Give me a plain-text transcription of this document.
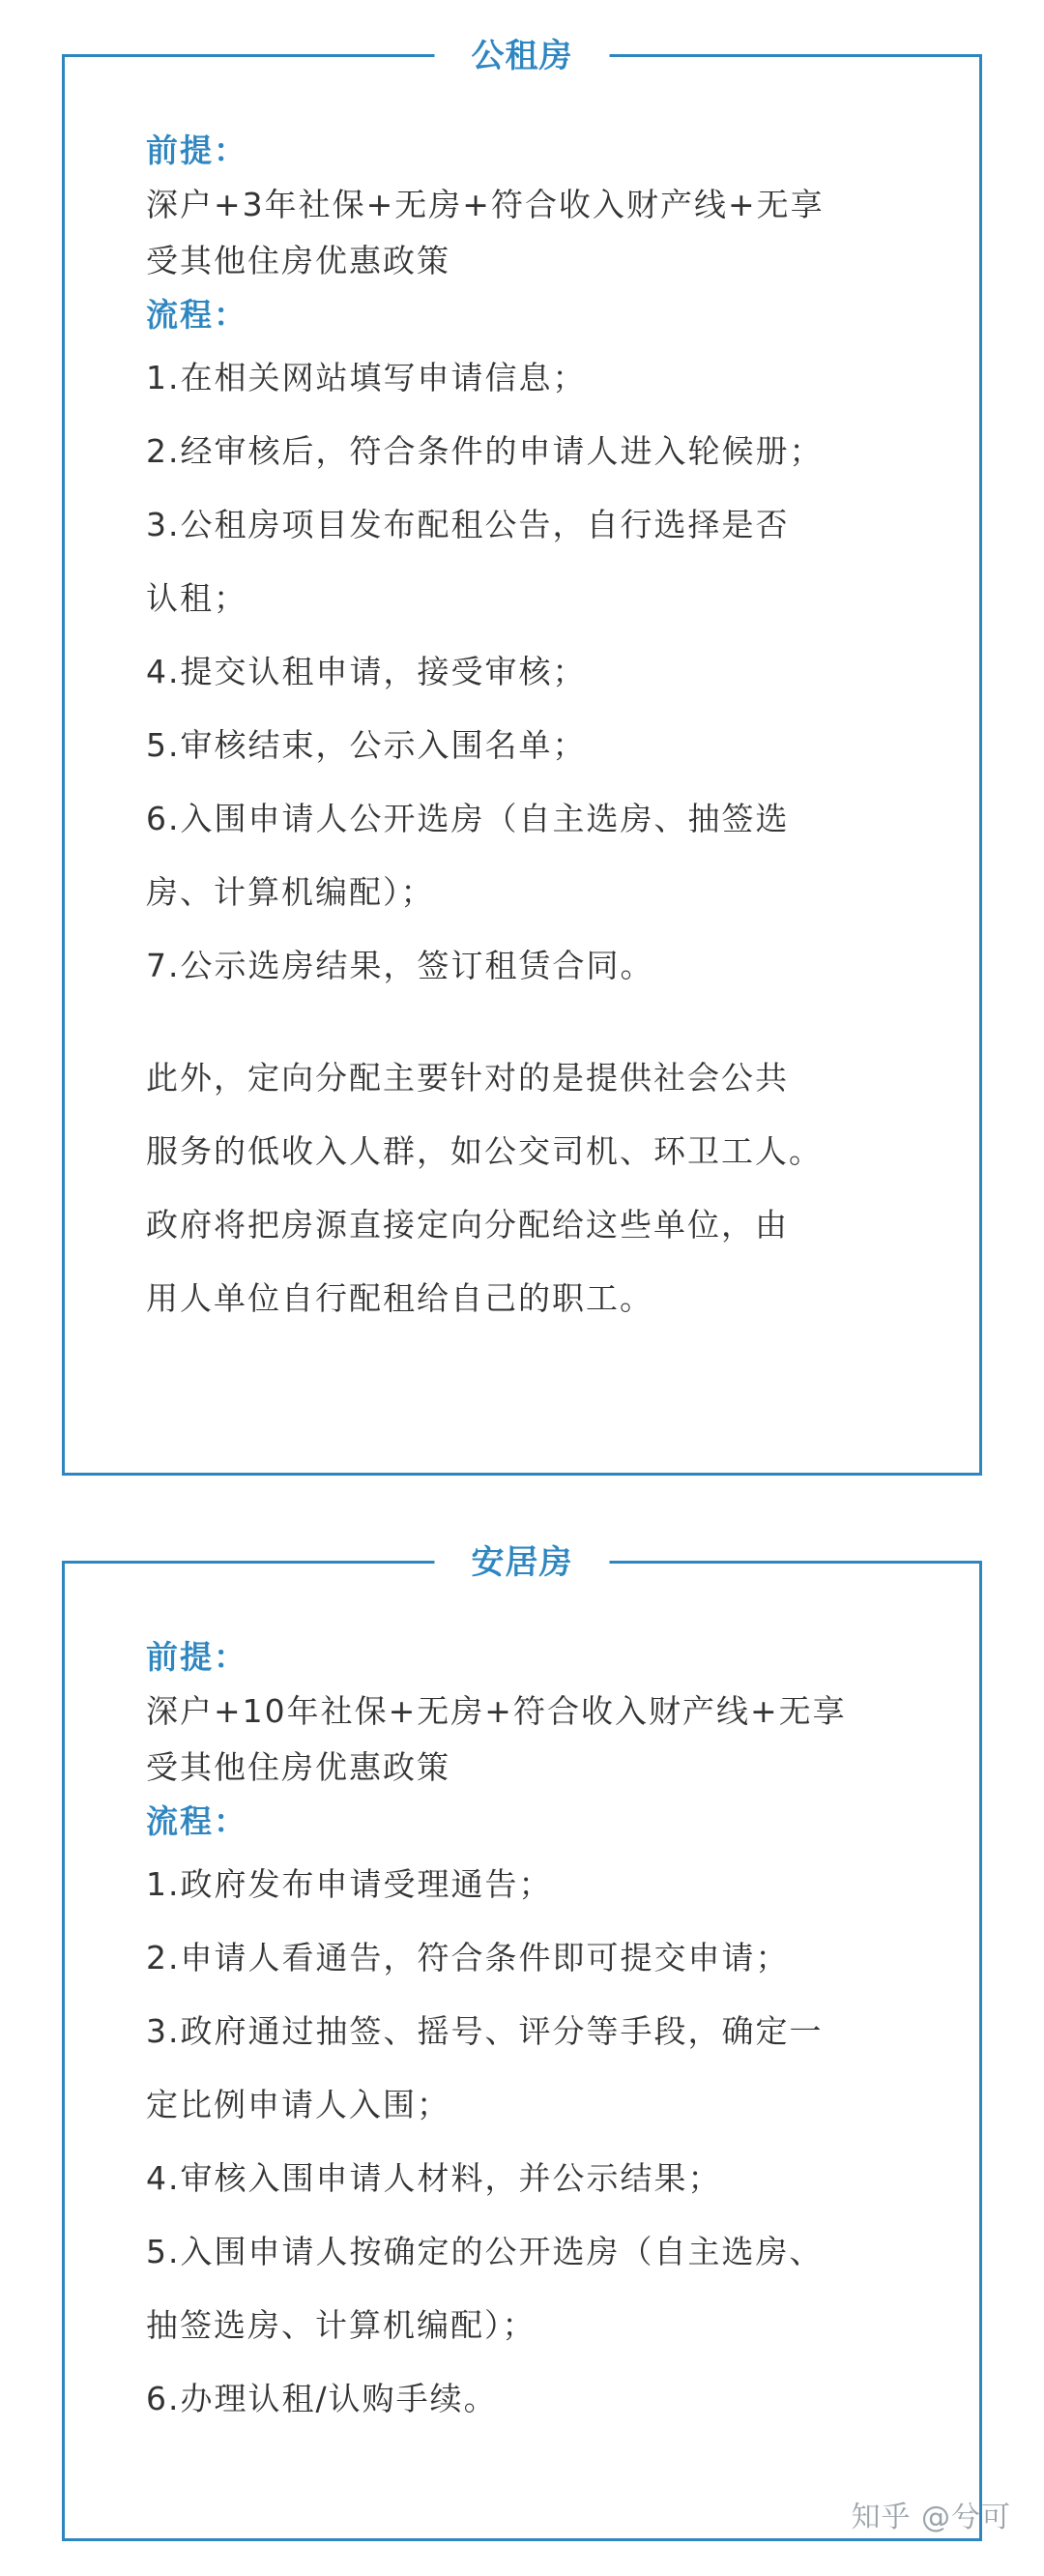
公租房
前提：
深户+3年社保+无房+符合收入财产线+无享
受其他住房优惠政策
流程：
1.在相关网站填写申请信息；
2.经审核后，符合条件的申请人进入轮候册；
3.公租房项目发布配租公告，自行选择是否
认租；
4.提交认租申请，接受审核；
5.审核结束，公示入围名单；
6.入围申请人公开选房（自主选房、抽签选
房、计算机编配）；
7.公示选房结果，签订租赁合同。
此外，定向分配主要针对的是提供社会公共
服务的低收入人群，如公交司机、环卫工人。
政府将把房源直接定向分配给这些单位，由
用人单位自行配租给自己的职工。
安居房
前提：
深户+10年社保+无房+符合收入财产线+无享
受其他住房优惠政策
流程：
1.政府发布申请受理通告；
2.申请人看通告，符合条件即可提交申请；
3.政府通过抽签、摇号、评分等手段，确定一
定比例申请人入围；
4.审核入围申请人材料，并公示结果；
5.入围申请人按确定的公开选房（自主选房、
抽签选房、计算机编配）；
6.办理认租/认购手续。
知乎 @兮可
